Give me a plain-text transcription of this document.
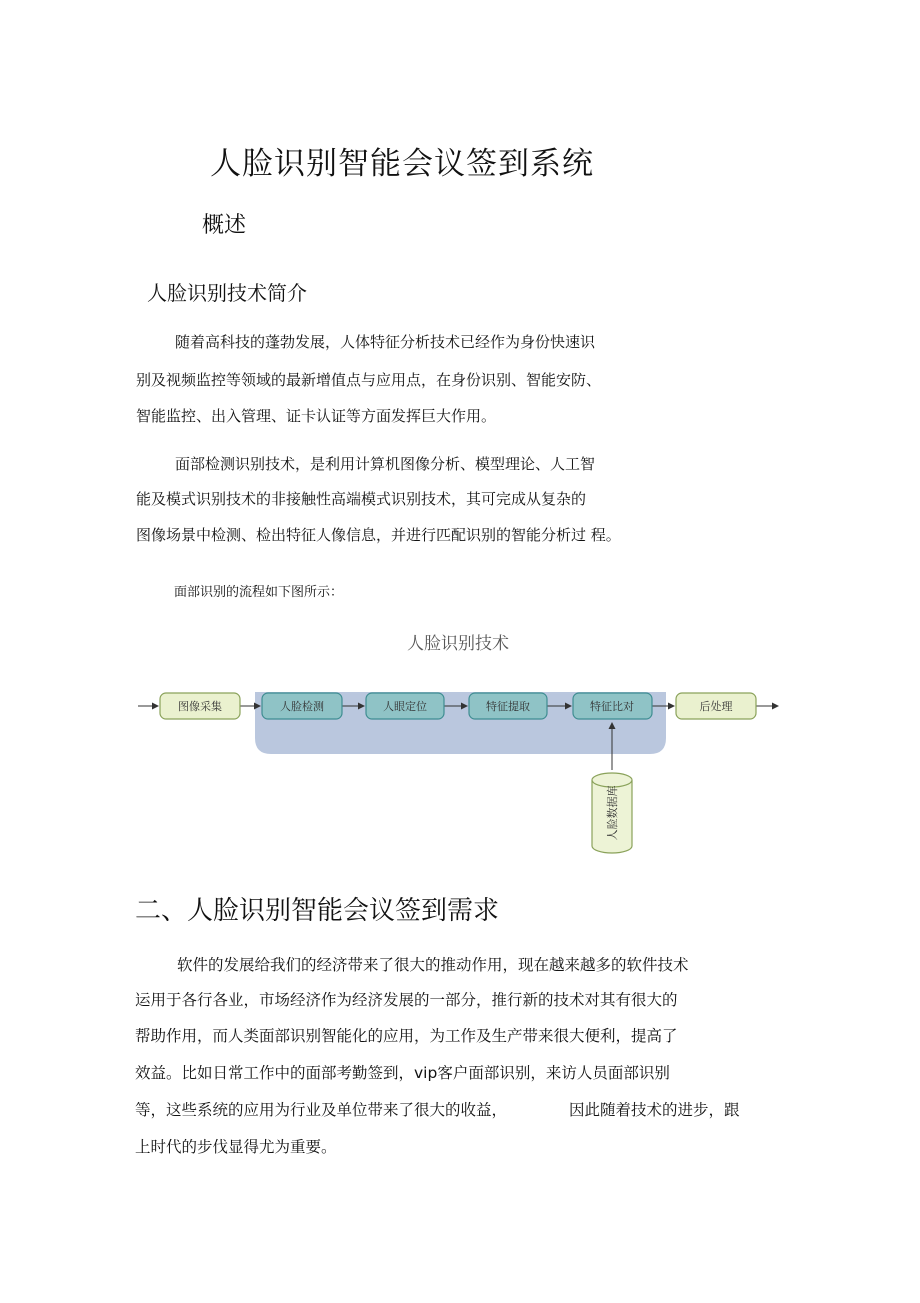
人脸识别智能会议签到系统
概述
人脸识别技术简介
随着高科技的蓬勃发展，人体特征分析技术已经作为身份快速识
别及视频监控等领域的最新增值点与应用点，在身份识别、智能安防、
智能监控、出入管理、证卡认证等方面发挥巨大作用。
面部检测识别技术，是利用计算机图像分析、模型理论、人工智
能及模式识别技术的非接触性高端模式识别技术，其可完成从复杂的
图像场景中检测、检出特征人像信息，并进行匹配识别的智能分析过 程。
面部识别的流程如下图所示：
人脸识别技术
图像采集	人脸检测	人眼定位	特征提取	特征比对	后处理
人脸数据库
二、人脸识别智能会议签到需求
软件的发展给我们的经济带来了很大的推动作用，现在越来越多的软件技术
运用于各行各业，市场经济作为经济发展的一部分，推行新的技术对其有很大的
帮助作用，而人类面部识别智能化的应用，为工作及生产带来很大便利，提高了
效益。比如日常工作中的面部考勤签到，vip客户面部识别，来访人员面部识别
等，这些系统的应用为行业及单位带来了很大的收益，	因此随着技术的进步，跟
上时代的步伐显得尤为重要。
